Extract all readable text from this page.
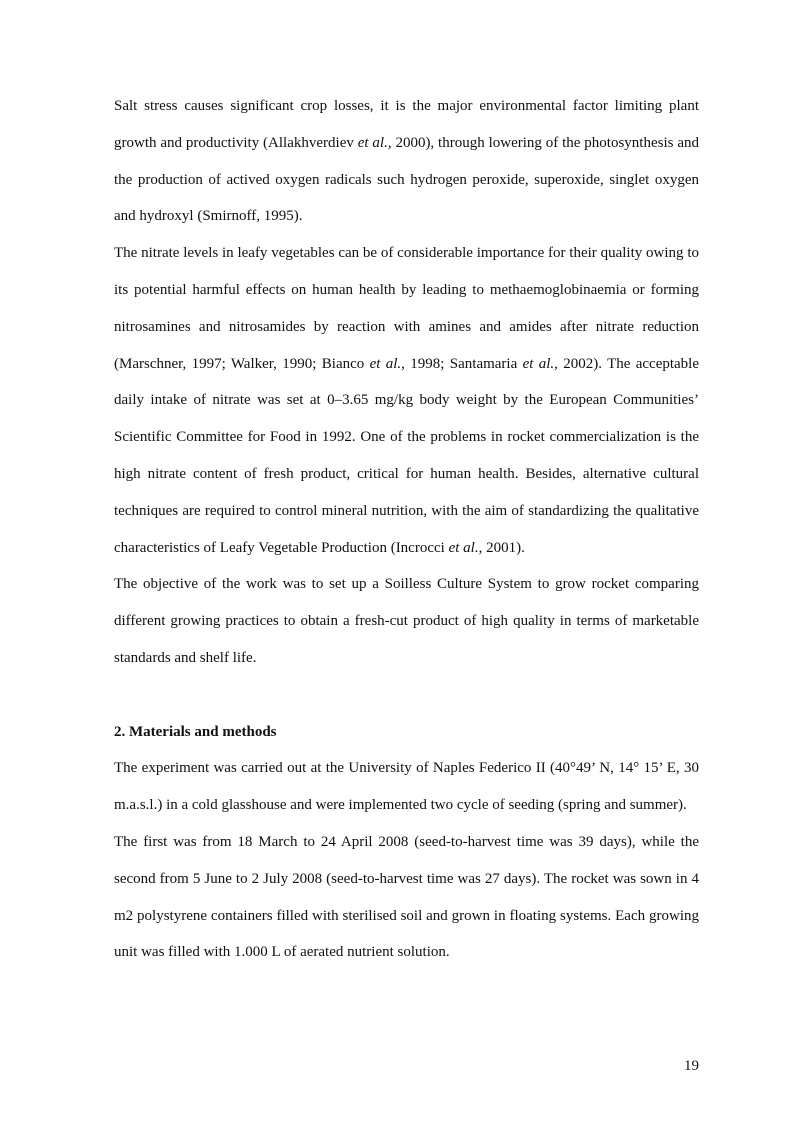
Salt stress causes significant crop losses, it is the major environmental factor limiting plant growth and productivity (Allakhverdiev et al., 2000), through lowering of the photosynthesis and the production of actived oxygen radicals such hydrogen peroxide, superoxide, singlet oxygen and hydroxyl (Smirnoff, 1995).

The nitrate levels in leafy vegetables can be of considerable importance for their quality owing to its potential harmful effects on human health by leading to methaemoglobinaemia or forming nitrosamines and nitrosamides by reaction with amines and amides after nitrate reduction (Marschner, 1997; Walker, 1990; Bianco et al., 1998; Santamaria et al., 2002). The acceptable daily intake of nitrate was set at 0–3.65 mg/kg body weight by the European Communities’ Scientific Committee for Food in 1992. One of the problems in rocket commercialization is the high nitrate content of fresh product, critical for human health. Besides, alternative cultural techniques are required to control mineral nutrition, with the aim of standardizing the qualitative characteristics of Leafy Vegetable Production (Incrocci et al., 2001).

The objective of the work was to set up a Soilless Culture System to grow rocket comparing different growing practices to obtain a fresh-cut product of high quality in terms of marketable standards and shelf life.

2. Materials and methods

The experiment was carried out at the University of Naples Federico II (40°49’ N, 14° 15’ E, 30 m.a.s.l.) in a cold glasshouse and were implemented two cycle of seeding (spring and summer).

The first was from 18 March to 24 April 2008 (seed-to-harvest time was 39 days), while the second from 5 June to 2 July 2008 (seed-to-harvest time was 27 days). The rocket was sown in 4 m2 polystyrene containers filled with sterilised soil and grown in floating systems. Each growing unit was filled with 1.000 L of aerated nutrient solution.

19
